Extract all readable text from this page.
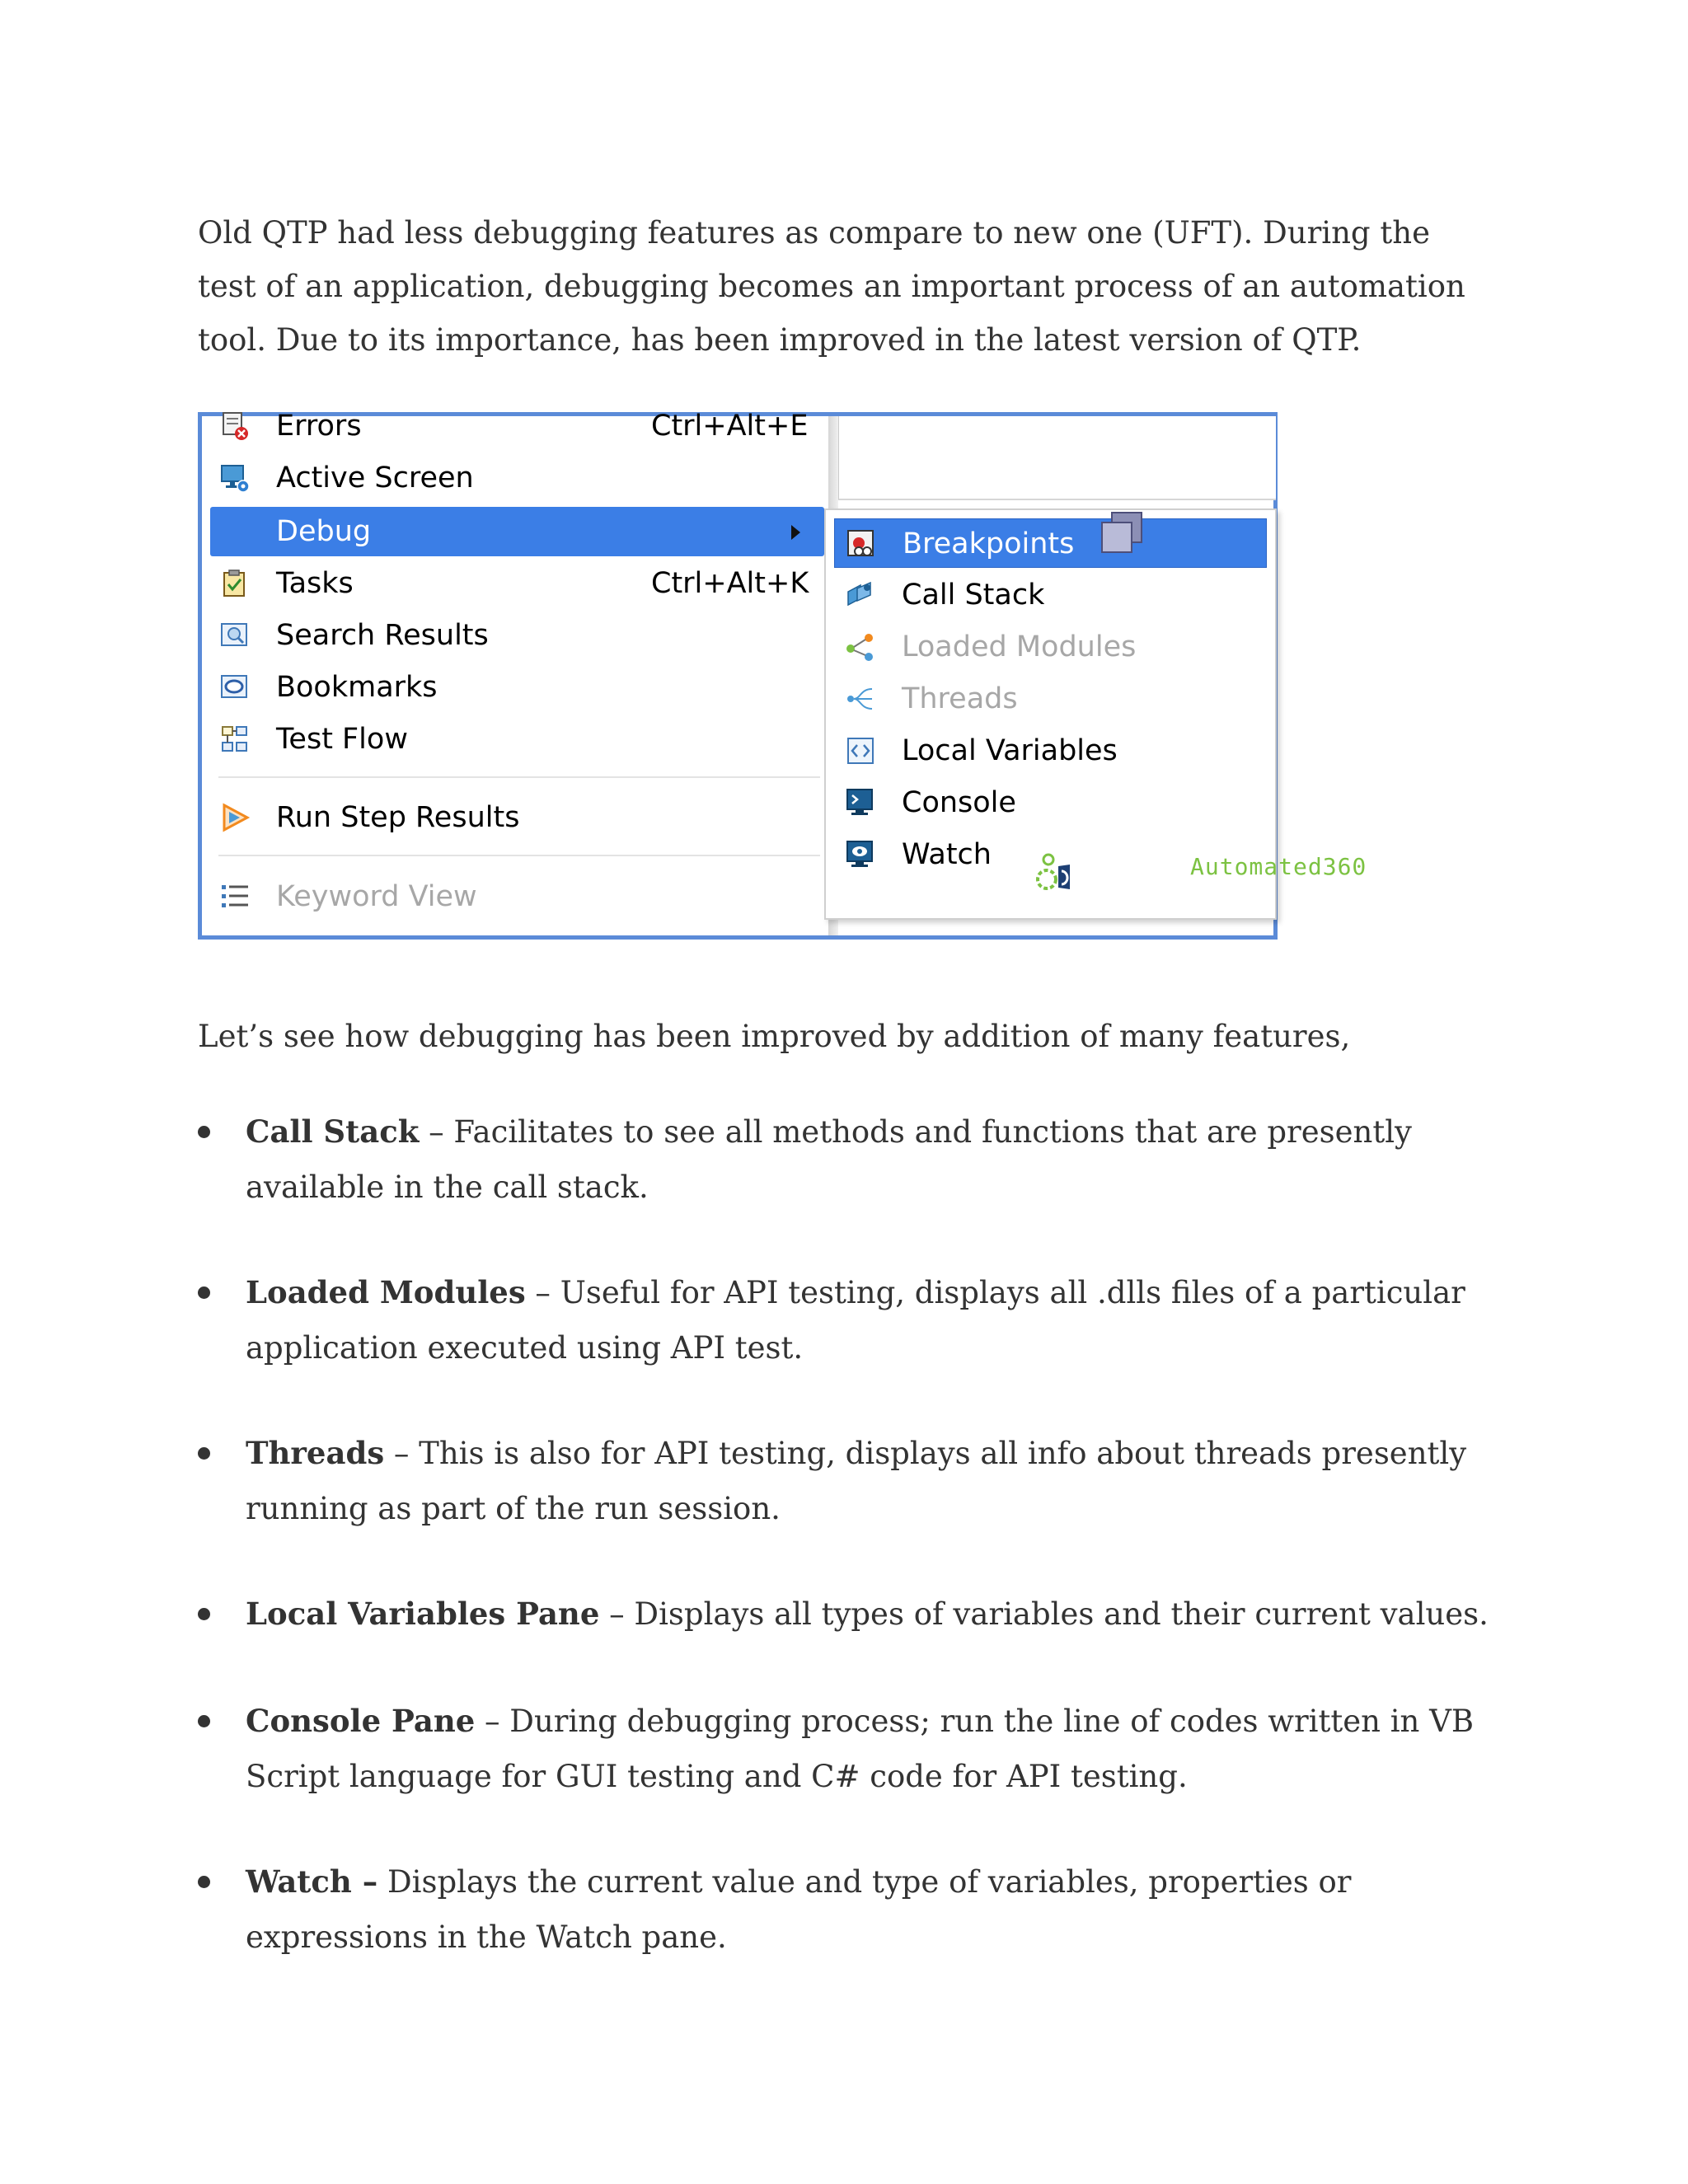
Old QTP had less debugging features as compare to new one (UFT). During the test of an application, debugging becomes an important process of an automation tool. Due to its importance, has been improved in the latest version of QTP.

Errors	Ctrl+Alt+E
Active Screen
Debug
Tasks	Ctrl+Alt+K
Search Results
Bookmarks
Test Flow
Run Step Results
Keyword View
Breakpoints
Call Stack
Loaded Modules
Threads
Local Variables
Console
Watch	Automated360

Let’s see how debugging has been improved by addition of many features,

Call Stack – Facilitates to see all methods and functions that are presently available in the call stack.
Loaded Modules – Useful for API testing, displays all .dlls files of a particular application executed using API test.
Threads – This is also for API testing, displays all info about threads presently running as part of the run session.
Local Variables Pane – Displays all types of variables and their current values.
Console Pane – During debugging process; run the line of codes written in VB Script language for GUI testing and C# code for API testing.
Watch – Displays the current value and type of variables, properties or expressions in the Watch pane.
